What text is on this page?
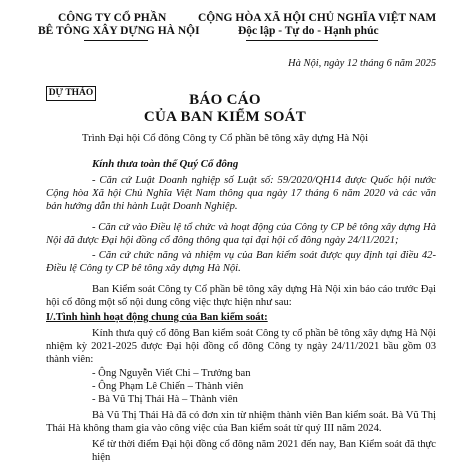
CÔNG TY CỔ PHẦN
BÊ TÔNG XÂY DỰNG HÀ NỘI
CỘNG HÒA XÃ HỘI CHỦ NGHĨA VIỆT NAM
Độc lập - Tự do - Hạnh phúc
Hà Nội, ngày 12 tháng 6 năm 2025
DỰ THẢO	BÁO CÁO
CỦA BAN KIỂM SOÁT
Trình Đại hội Cổ đông Công ty Cổ phần bê tông xây dựng Hà Nội
Kính thưa toàn thể Quý Cổ đông
- Căn cứ Luật Doanh nghiệp số Luật số: 59/2020/QH14 được Quốc hội nước
Cộng hòa Xã hội Chủ Nghĩa Việt Nam thông qua ngày 17 tháng 6 năm 2020 và các văn
bản hướng dẫn thi hành Luật Doanh Nghiệp.
- Căn cứ vào Điều lệ tổ chức và hoạt động của Công ty CP bê tông xây dựng Hà
Nội đã được Đại hội đồng cổ đông thông qua tại đại hội cổ đông ngày 24/11/2021;
- Căn cứ chức năng và nhiệm vụ của Ban kiểm soát được quy định tại điều 42-
Điều lệ Công ty CP bê tông xây dựng Hà Nội.
Ban Kiểm soát Công ty Cổ phần bê tông xây dựng Hà Nội xin báo cáo trước Đại
hội cổ đông một số nội dung công việc thực hiện như sau:
I/.Tình hình hoạt động chung của Ban kiểm soát:
Kính thưa quý cổ đông Ban kiểm soát Công ty cổ phần bê tông xây dựng Hà Nội
nhiệm kỳ 2021-2025 được Đại hội đồng cổ đông Công ty ngày 24/11/2021 bầu gồm 03
thành viên:
- Ông Nguyễn Viết Chi – Trưởng ban
- Ông Phạm Lê Chiến – Thành viên
- Bà Vũ Thị Thái Hà – Thành viên
Bà Vũ Thị Thái Hà đã có đơn xin từ nhiệm thành viên Ban kiểm soát. Bà Vũ Thị
Thái Hà không tham gia vào công việc của Ban kiểm soát từ quý III năm 2024.
Kể từ thời điểm Đại hội đồng cổ đông năm 2021 đến nay, Ban Kiểm soát đã thực hiện
